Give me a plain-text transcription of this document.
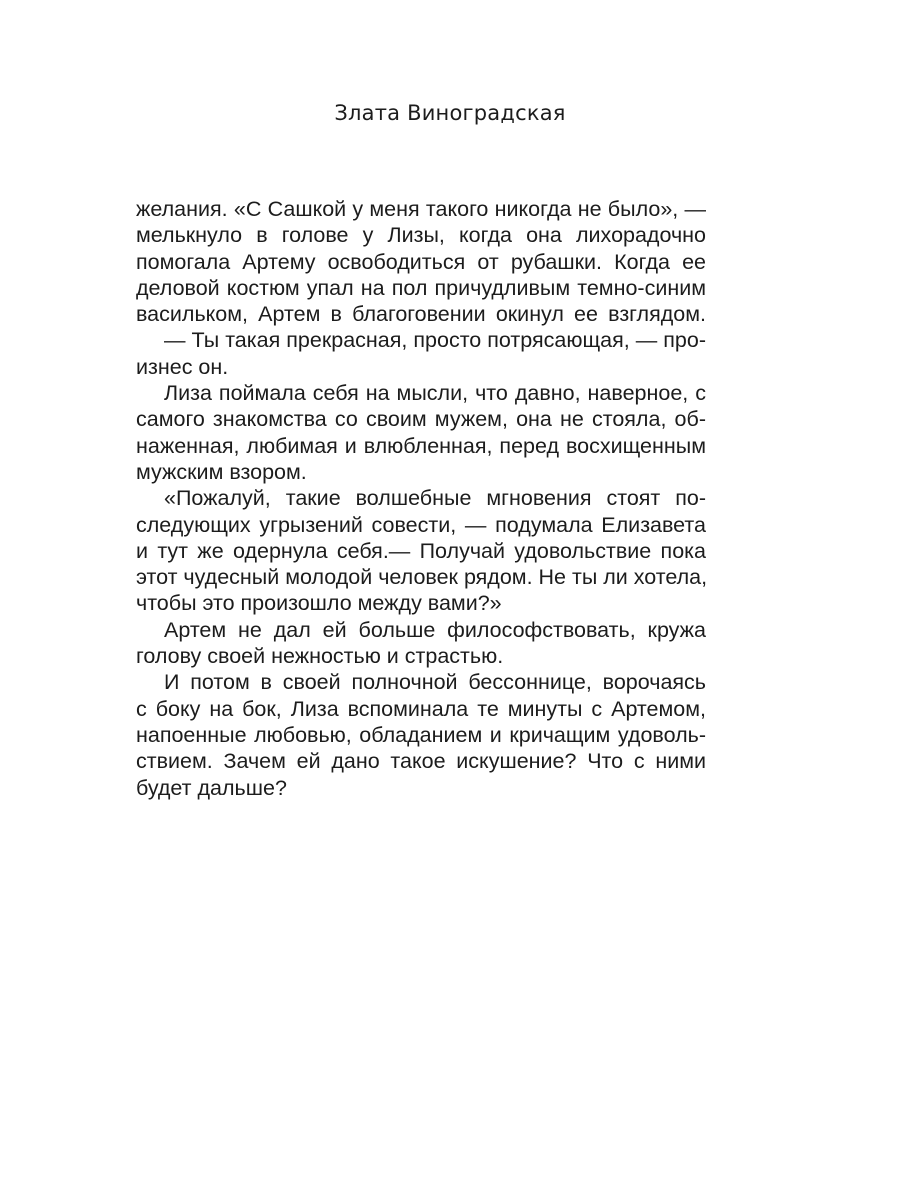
Злата Виноградская
желания. «С Сашкой у меня такого никогда не было», —
мелькнуло в голове у Лизы, когда она лихорадочно
помогала Артему освободиться от рубашки. Когда ее
деловой костюм упал на пол причудливым темно-синим
васильком, Артем в благоговении окинул ее взглядом.
— Ты такая прекрасная, просто потрясающая, — про-
изнес он.
Лиза поймала себя на мысли, что давно, наверное, с
самого знакомства со своим мужем, она не стояла, об-
наженная, любимая и влюбленная, перед восхищенным
мужским взором.
«Пожалуй, такие волшебные мгновения стоят по-
следующих угрызений совести, — подумала Елизавета
и тут же одернула себя.— Получай удовольствие пока
этот чудесный молодой человек рядом. Не ты ли хотела,
чтобы это произошло между вами?»
Артем не дал ей больше философствовать, кружа
голову своей нежностью и страстью.
И потом в своей полночной бессоннице, ворочаясь
с боку на бок, Лиза вспоминала те минуты с Артемом,
напоенные любовью, обладанием и кричащим удоволь-
ствием. Зачем ей дано такое искушение? Что с ними
будет дальше?
